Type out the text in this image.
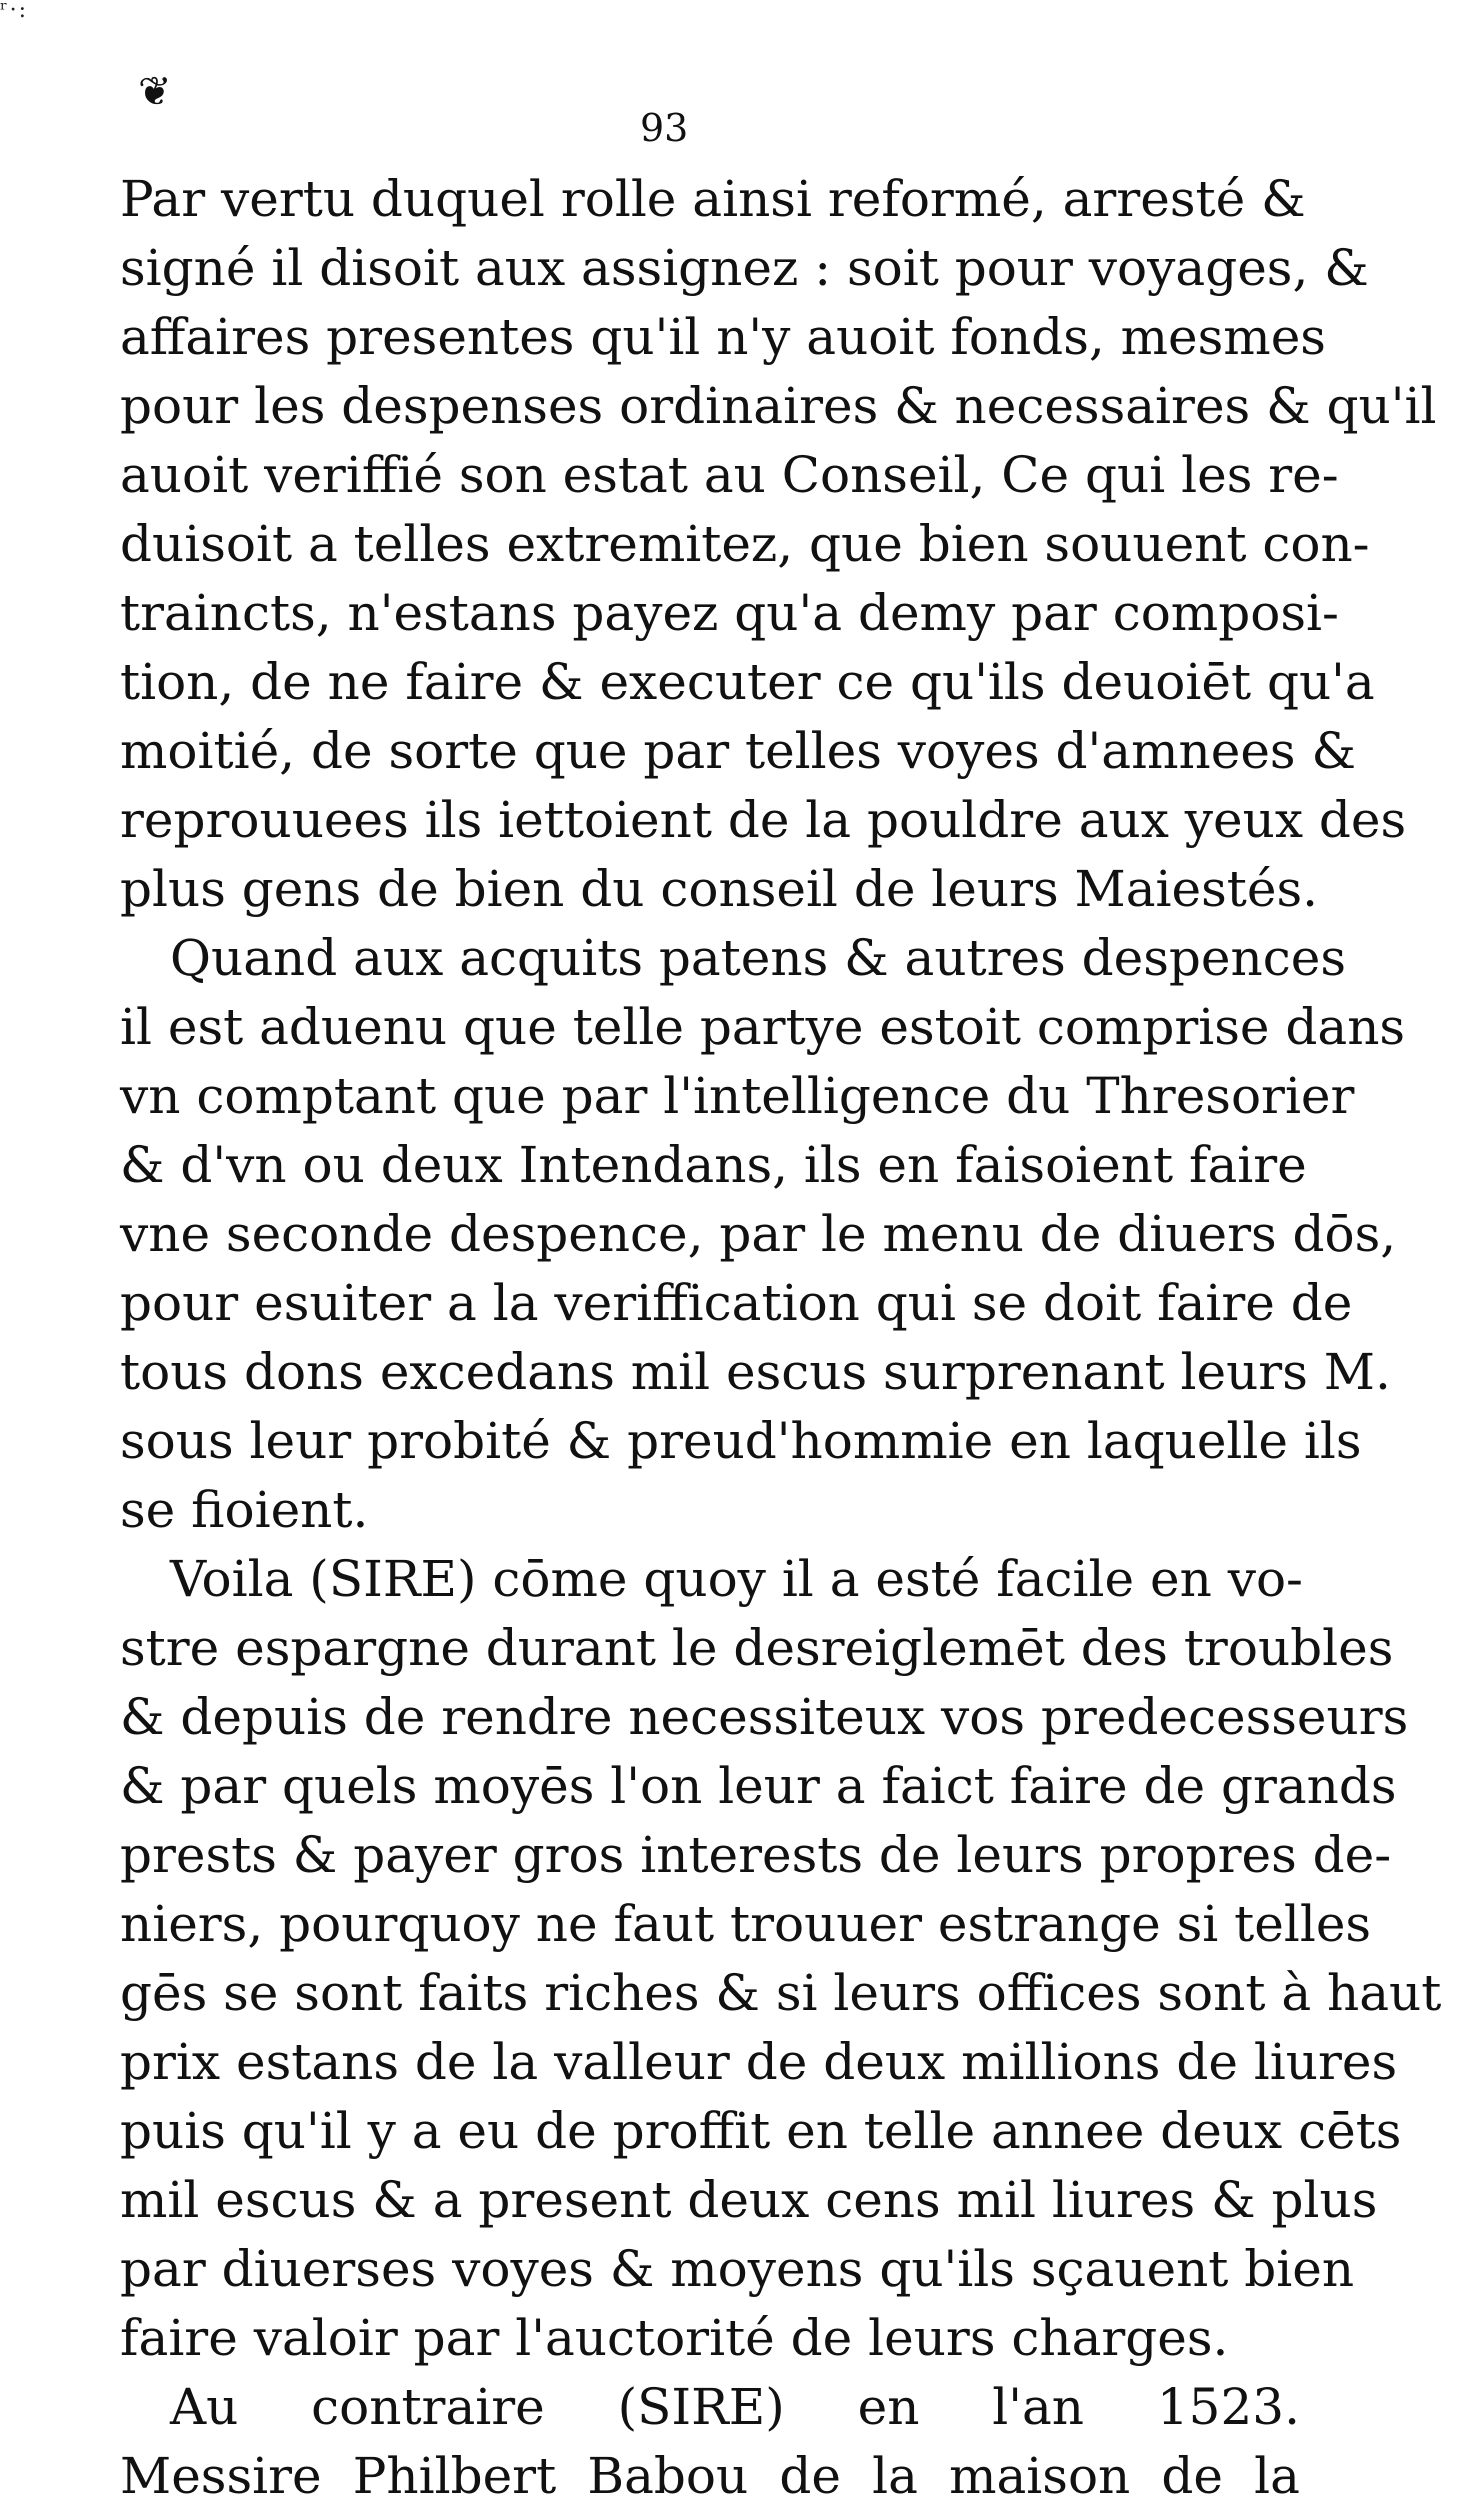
ʳ·:
❦
93
Par vertu duquel rolle ainsi reformé, arresté &
signé il disoit aux assignez : soit pour voyages, &
affaires presentes qu'il n'y auoit fonds, mesmes
pour les despenses ordinaires & necessaires & qu'il
auoit veriffié son estat au Conseil, Ce qui les re-
duisoit a telles extremitez, que bien souuent con-
traincts, n'estans payez qu'a demy par composi-
tion, de ne faire & executer ce qu'ils deuoiēt qu'a
moitié, de sorte que par telles voyes d'amnees &
reprouuees ils iettoient de la pouldre aux yeux des
plus gens de bien du conseil de leurs Maiestés.
Quand aux acquits patens & autres despences
il est aduenu que telle partye estoit comprise dans
vn comptant que par l'intelligence du Thresorier
& d'vn ou deux Intendans, ils en faisoient faire
vne seconde despence, par le menu de diuers dōs,
pour esuiter a la veriffication qui se doit faire de
tous dons excedans mil escus surprenant leurs M.
sous leur probité & preud'hommie en laquelle ils
se fioient.
Voila (SIRE) cōme quoy il a esté facile en vo-
stre espargne durant le desreiglemēt des troubles
& depuis de rendre necessiteux vos predecesseurs
& par quels moyēs l'on leur a faict faire de grands
prests & payer gros interests de leurs propres de-
niers, pourquoy ne faut trouuer estrange si telles
gēs se sont faits riches & si leurs offices sont à haut
prix estans de la valleur de deux millions de liures
puis qu'il y a eu de proffit en telle annee deux cēts
mil escus & a present deux cens mil liures & plus
par diuerses voyes & moyens qu'ils sçauent bien
faire valoir par l'auctorité de leurs charges.
Au contraire (SIRE) en l'an 1523.
Messire Philbert Babou de la maison de la
